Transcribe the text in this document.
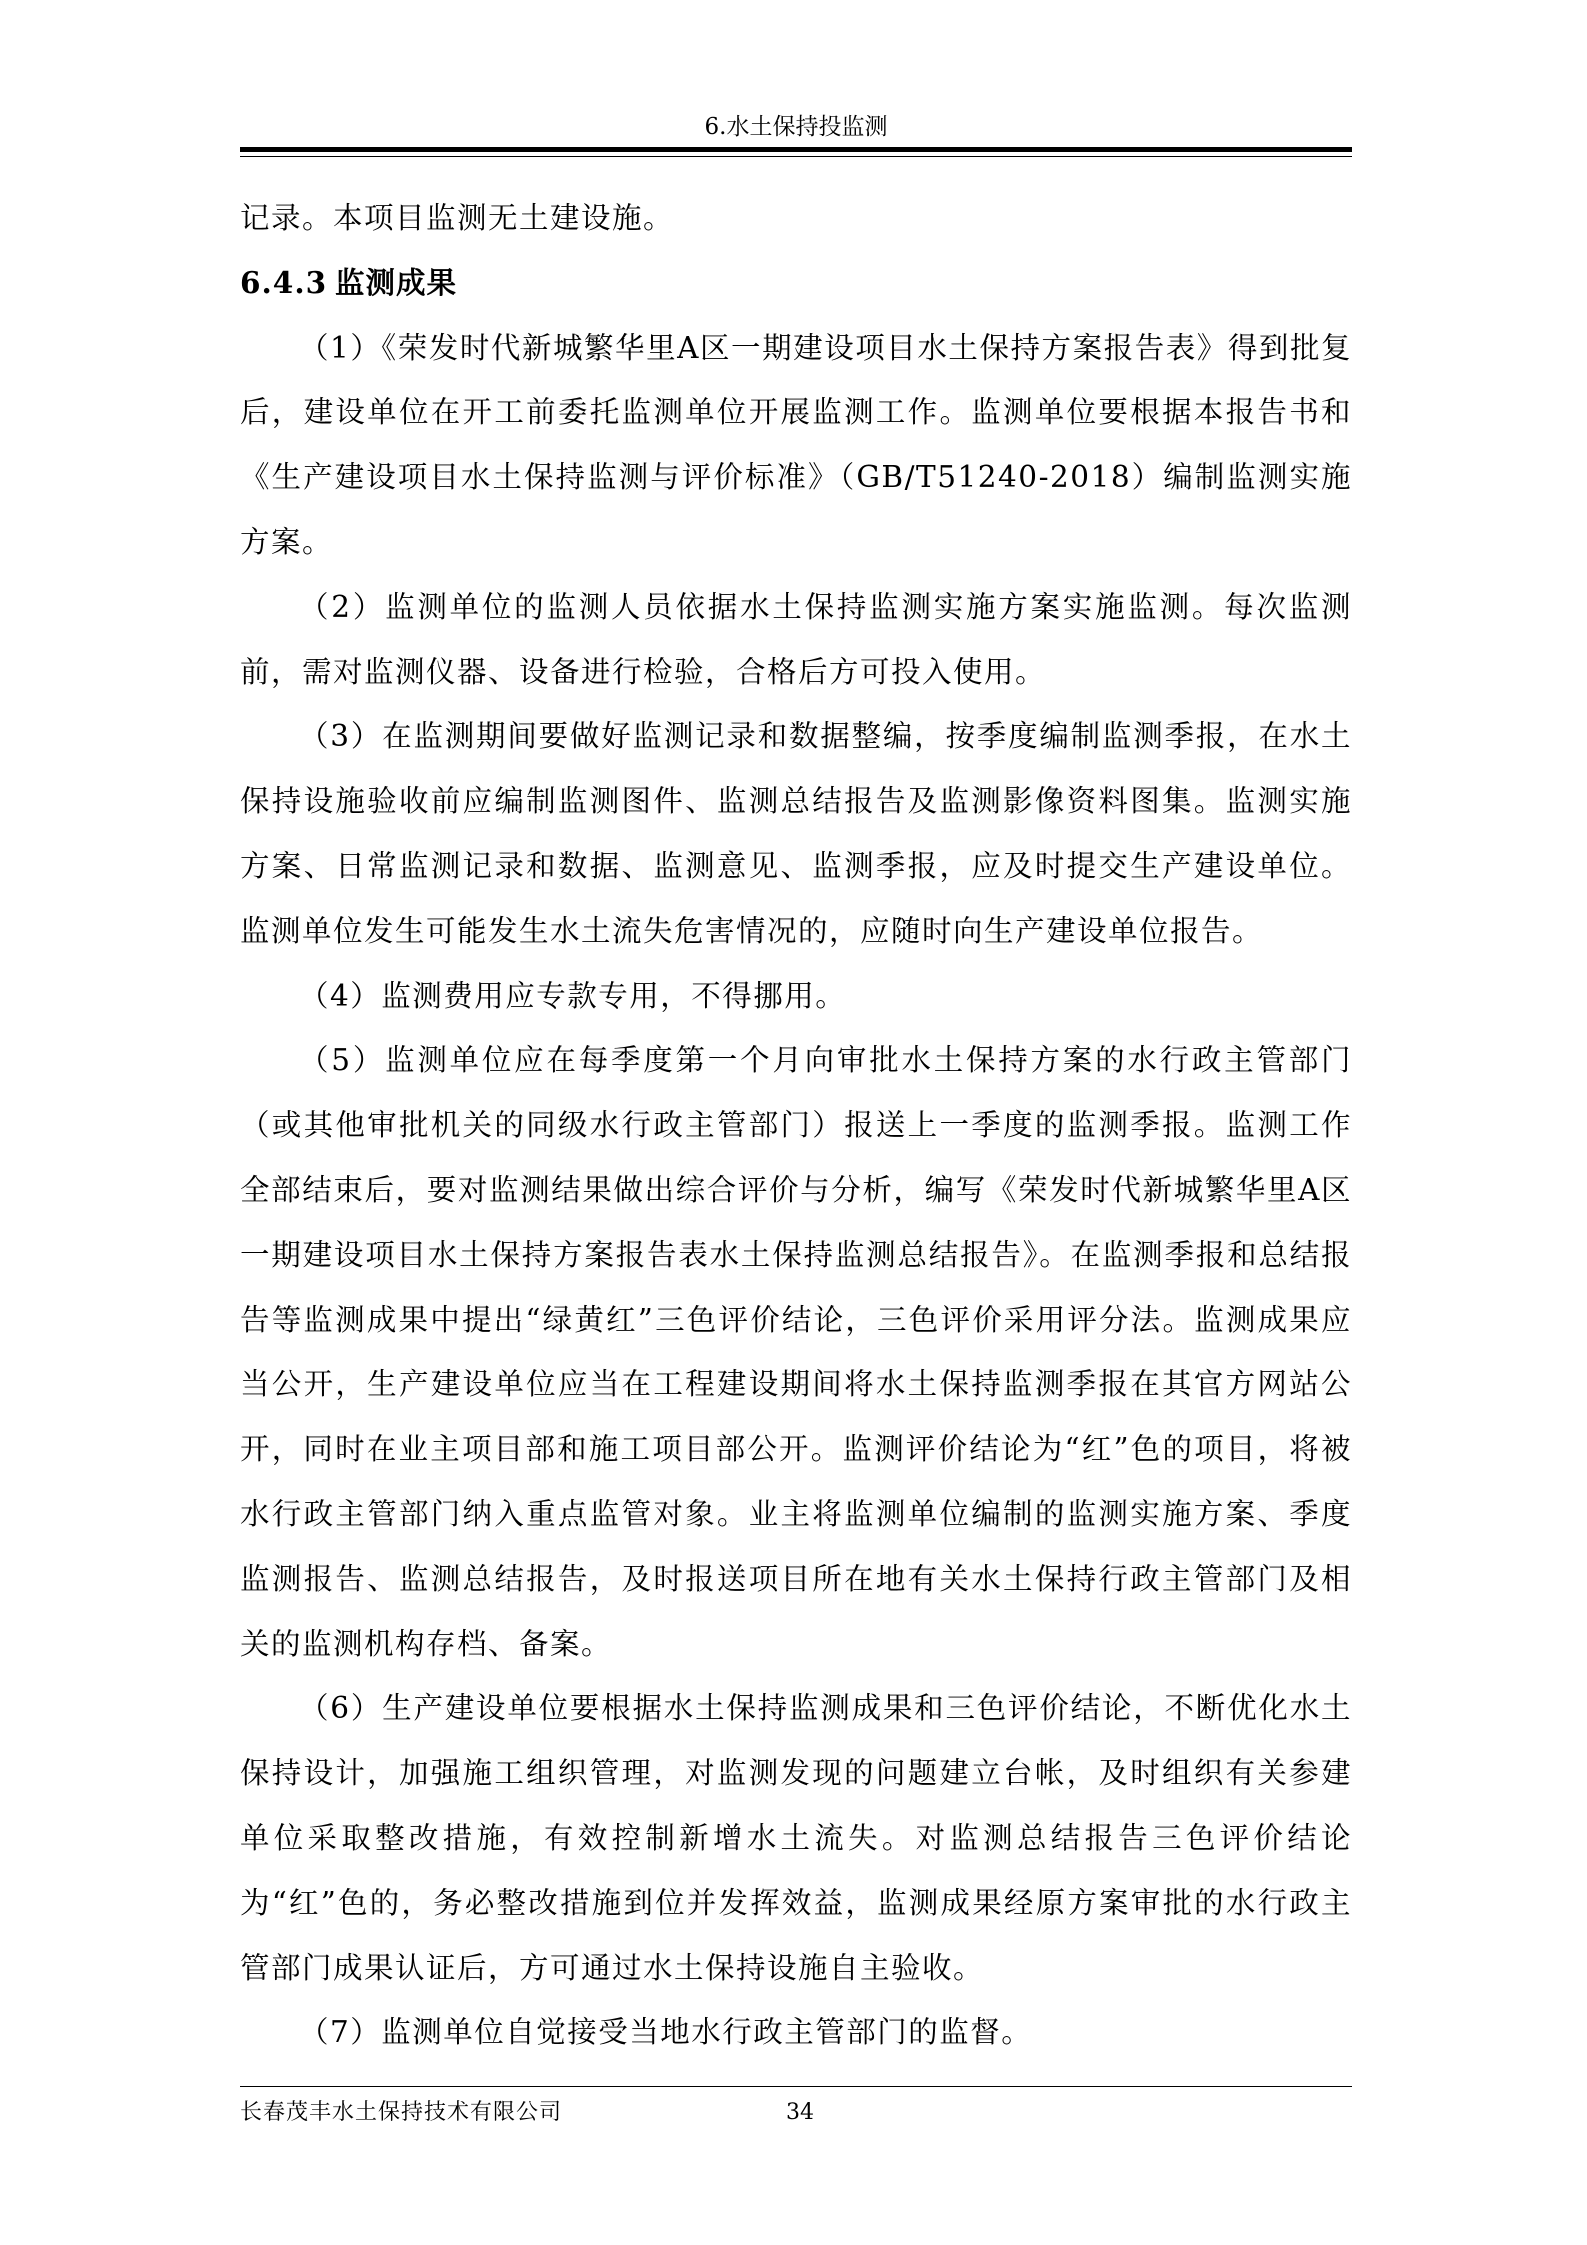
6.水土保持投监测

记录。本项目监测无土建设施。

6.4.3 监测成果

（1）《荣发时代新城繁华里A区一期建设项目水土保持方案报告表》得到批复后，建设单位在开工前委托监测单位开展监测工作。监测单位要根据本报告书和《生产建设项目水土保持监测与评价标准》（GB/T51240-2018）编制监测实施方案。

（2）监测单位的监测人员依据水土保持监测实施方案实施监测。每次监测前，需对监测仪器、设备进行检验，合格后方可投入使用。

（3）在监测期间要做好监测记录和数据整编，按季度编制监测季报，在水土保持设施验收前应编制监测图件、监测总结报告及监测影像资料图集。监测实施方案、日常监测记录和数据、监测意见、监测季报，应及时提交生产建设单位。监测单位发生可能发生水土流失危害情况的，应随时向生产建设单位报告。

（4）监测费用应专款专用，不得挪用。

（5）监测单位应在每季度第一个月向审批水土保持方案的水行政主管部门（或其他审批机关的同级水行政主管部门）报送上一季度的监测季报。监测工作全部结束后，要对监测结果做出综合评价与分析，编写《荣发时代新城繁华里A区一期建设项目水土保持方案报告表水土保持监测总结报告》。在监测季报和总结报告等监测成果中提出“绿黄红”三色评价结论，三色评价采用评分法。监测成果应当公开，生产建设单位应当在工程建设期间将水土保持监测季报在其官方网站公开，同时在业主项目部和施工项目部公开。监测评价结论为“红”色的项目，将被水行政主管部门纳入重点监管对象。业主将监测单位编制的监测实施方案、季度监测报告、监测总结报告，及时报送项目所在地有关水土保持行政主管部门及相关的监测机构存档、备案。

（6）生产建设单位要根据水土保持监测成果和三色评价结论，不断优化水土保持设计，加强施工组织管理，对监测发现的问题建立台帐，及时组织有关参建单位采取整改措施，有效控制新增水土流失。对监测总结报告三色评价结论为“红”色的，务必整改措施到位并发挥效益，监测成果经原方案审批的水行政主管部门成果认证后，方可通过水土保持设施自主验收。

（7）监测单位自觉接受当地水行政主管部门的监督。

长春茂丰水土保持技术有限公司	34
